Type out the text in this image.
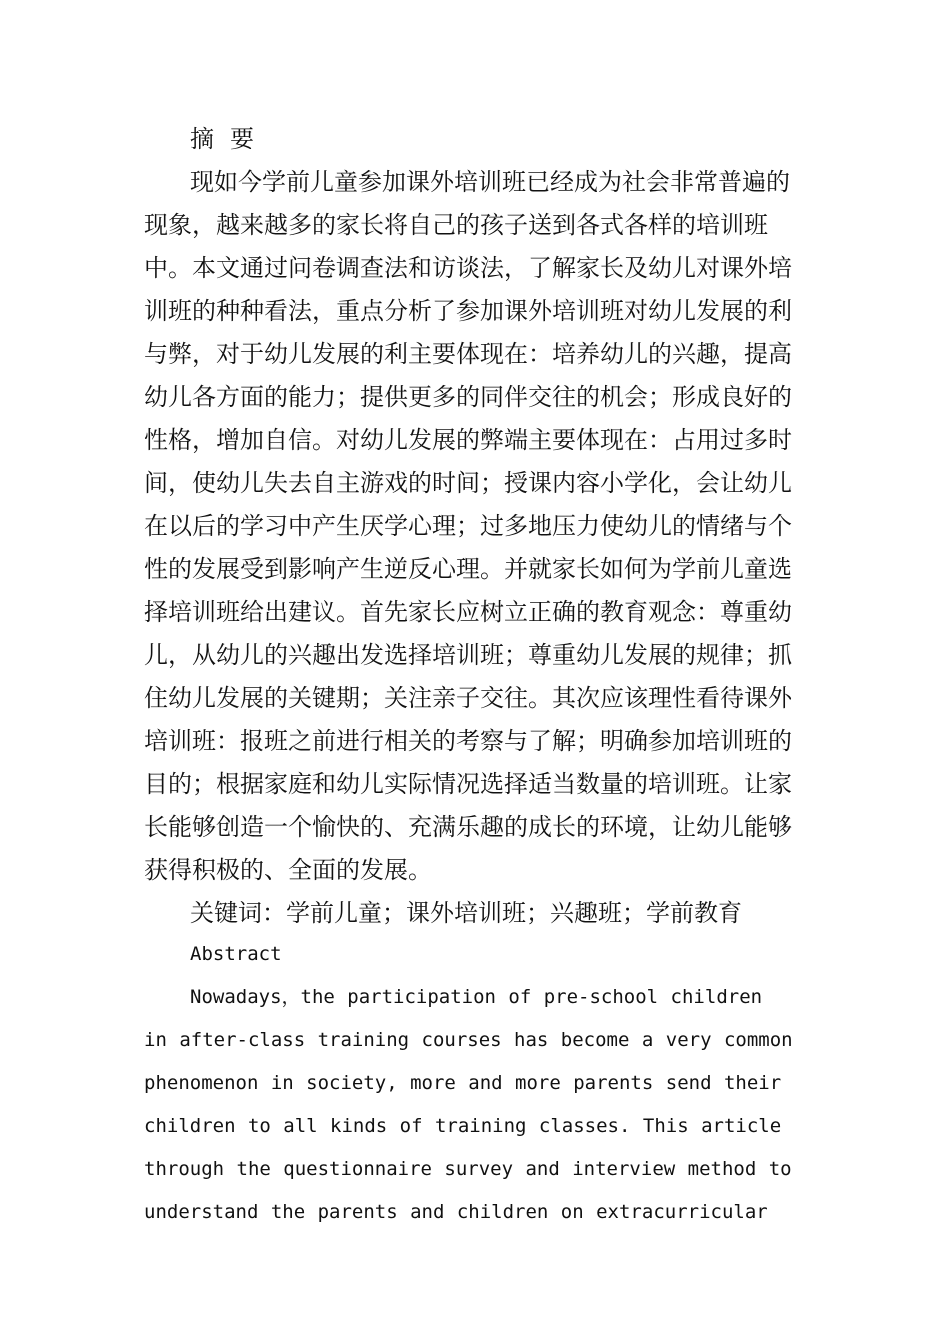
摘 要

现如今学前儿童参加课外培训班已经成为社会非常普遍的现象，越来越多的家长将自己的孩子送到各式各样的培训班中。本文通过问卷调查法和访谈法，了解家长及幼儿对课外培训班的种种看法，重点分析了参加课外培训班对幼儿发展的利与弊，对于幼儿发展的利主要体现在：培养幼儿的兴趣，提高幼儿各方面的能力；提供更多的同伴交往的机会；形成良好的性格，增加自信。对幼儿发展的弊端主要体现在：占用过多时间，使幼儿失去自主游戏的时间；授课内容小学化，会让幼儿在以后的学习中产生厌学心理；过多地压力使幼儿的情绪与个性的发展受到影响产生逆反心理。并就家长如何为学前儿童选择培训班给出建议。首先家长应树立正确的教育观念：尊重幼儿，从幼儿的兴趣出发选择培训班；尊重幼儿发展的规律；抓住幼儿发展的关键期；关注亲子交往。其次应该理性看待课外培训班：报班之前进行相关的考察与了解；明确参加培训班的目的；根据家庭和幼儿实际情况选择适当数量的培训班。让家长能够创造一个愉快的、充满乐趣的成长的环境，让幼儿能够获得积极的、全面的发展。

关键词：学前儿童；课外培训班；兴趣班；学前教育

Abstract

Nowadays，the participation of pre-school children in after-class training courses has become a very common phenomenon in society, more and more parents send their children to all kinds of training classes. This article through the questionnaire survey and interview method to understand the parents and children on extracurricular
